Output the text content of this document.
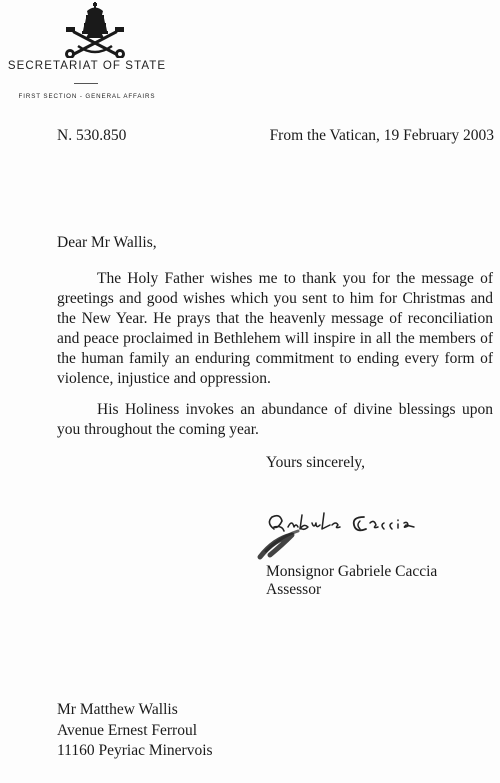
SECRETARIAT OF STATE
FIRST SECTION - GENERAL AFFAIRS
N. 530.850	From the Vatican, 19 February 2003
Dear Mr Wallis,

The Holy Father wishes me to thank you for the message of greetings and good wishes which you sent to him for Christmas and the New Year. He prays that the heavenly message of reconciliation and peace proclaimed in Bethlehem will inspire in all the members of the human family an enduring commitment to ending every form of violence, injustice and oppression.

His Holiness invokes an abundance of divine blessings upon you throughout the coming year.

Yours sincerely,
Monsignor Gabriele Caccia
Assessor
Mr Matthew Wallis
Avenue Ernest Ferroul
11160 Peyriac Minervois
